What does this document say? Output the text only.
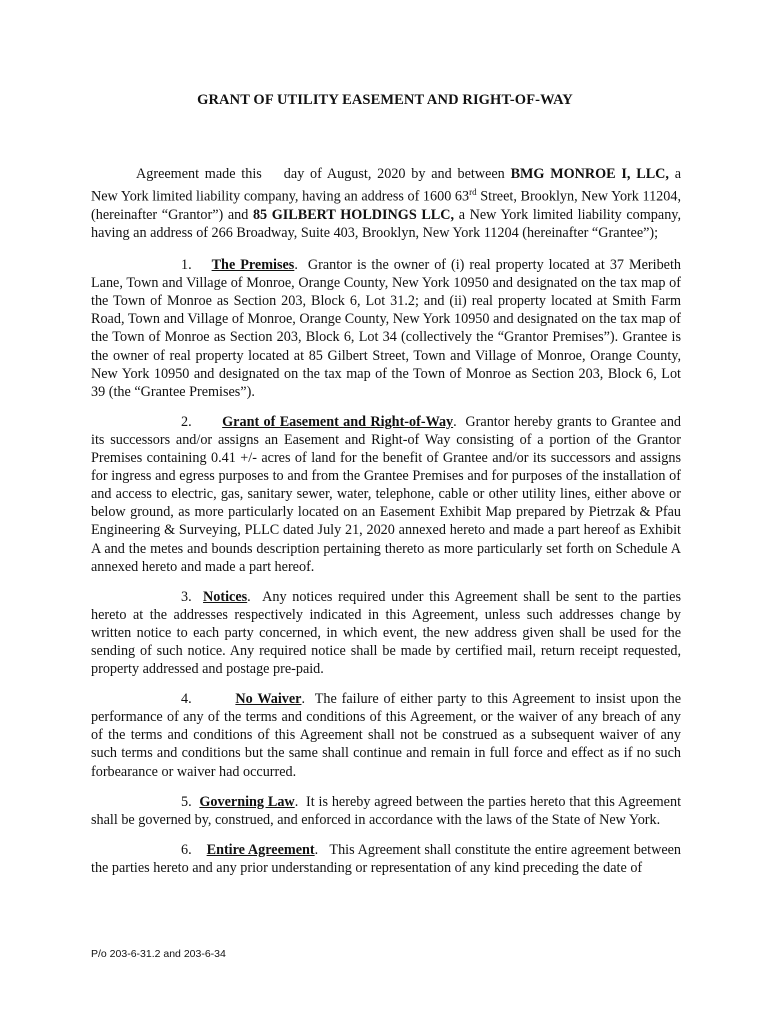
GRANT OF UTILITY EASEMENT AND RIGHT-OF-WAY

Agreement made this day of August, 2020 by and between BMG MONROE I, LLC, a New York limited liability company, having an address of 1600 63rd Street, Brooklyn, New York 11204, (hereinafter “Grantor”) and 85 GILBERT HOLDINGS LLC, a New York limited liability company, having an address of 266 Broadway, Suite 403, Brooklyn, New York 11204 (hereinafter “Grantee”);

1. The Premises.  Grantor is the owner of (i) real property located at 37 Meribeth Lane, Town and Village of Monroe, Orange County, New York 10950 and designated on the tax map of the Town of Monroe as Section 203, Block 6, Lot 31.2; and (ii) real property located at Smith Farm Road, Town and Village of Monroe, Orange County, New York 10950 and designated on the tax map of the Town of Monroe as Section 203, Block 6, Lot 34 (collectively the “Grantor Premises”). Grantee is the owner of real property located at 85 Gilbert Street, Town and Village of Monroe, Orange County, New York 10950 and designated on the tax map of the Town of Monroe as Section 203, Block 6, Lot 39 (the “Grantee Premises”).

2. Grant of Easement and Right-of-Way.  Grantor hereby grants to Grantee and its successors and/or assigns an Easement and Right-of Way consisting of a portion of the Grantor Premises containing 0.41 +/- acres of land for the benefit of Grantee and/or its successors and assigns for ingress and egress purposes to and from the Grantee Premises and for purposes of the installation of and access to electric, gas, sanitary sewer, water, telephone, cable or other utility lines, either above or below ground, as more particularly located on an Easement Exhibit Map prepared by Pietrzak & Pfau Engineering & Surveying, PLLC dated July 21, 2020 annexed hereto and made a part hereof as Exhibit A and the metes and bounds description pertaining thereto as more particularly set forth on Schedule A annexed hereto and made a part hereof.

3. Notices.  Any notices required under this Agreement shall be sent to the parties hereto at the addresses respectively indicated in this Agreement, unless such addresses change by written notice to each party concerned, in which event, the new address given shall be used for the sending of such notice. Any required notice shall be made by certified mail, return receipt requested, property addressed and postage pre-paid.

4.	No Waiver.  The failure of either party to this Agreement to insist upon the performance of any of the terms and conditions of this Agreement, or the waiver of any breach of any of the terms and conditions of this Agreement shall not be construed as a subsequent waiver of any such terms and conditions but the same shall continue and remain in full force and effect as if no such forbearance or waiver had occurred.

5. Governing Law.  It is hereby agreed between the parties hereto that this Agreement shall be governed by, construed, and enforced in accordance with the laws of the State of New York.

6. Entire Agreement.   This Agreement shall constitute the entire agreement between the parties hereto and any prior understanding or representation of any kind preceding the date of

P/o 203-6-31.2 and 203-6-34
